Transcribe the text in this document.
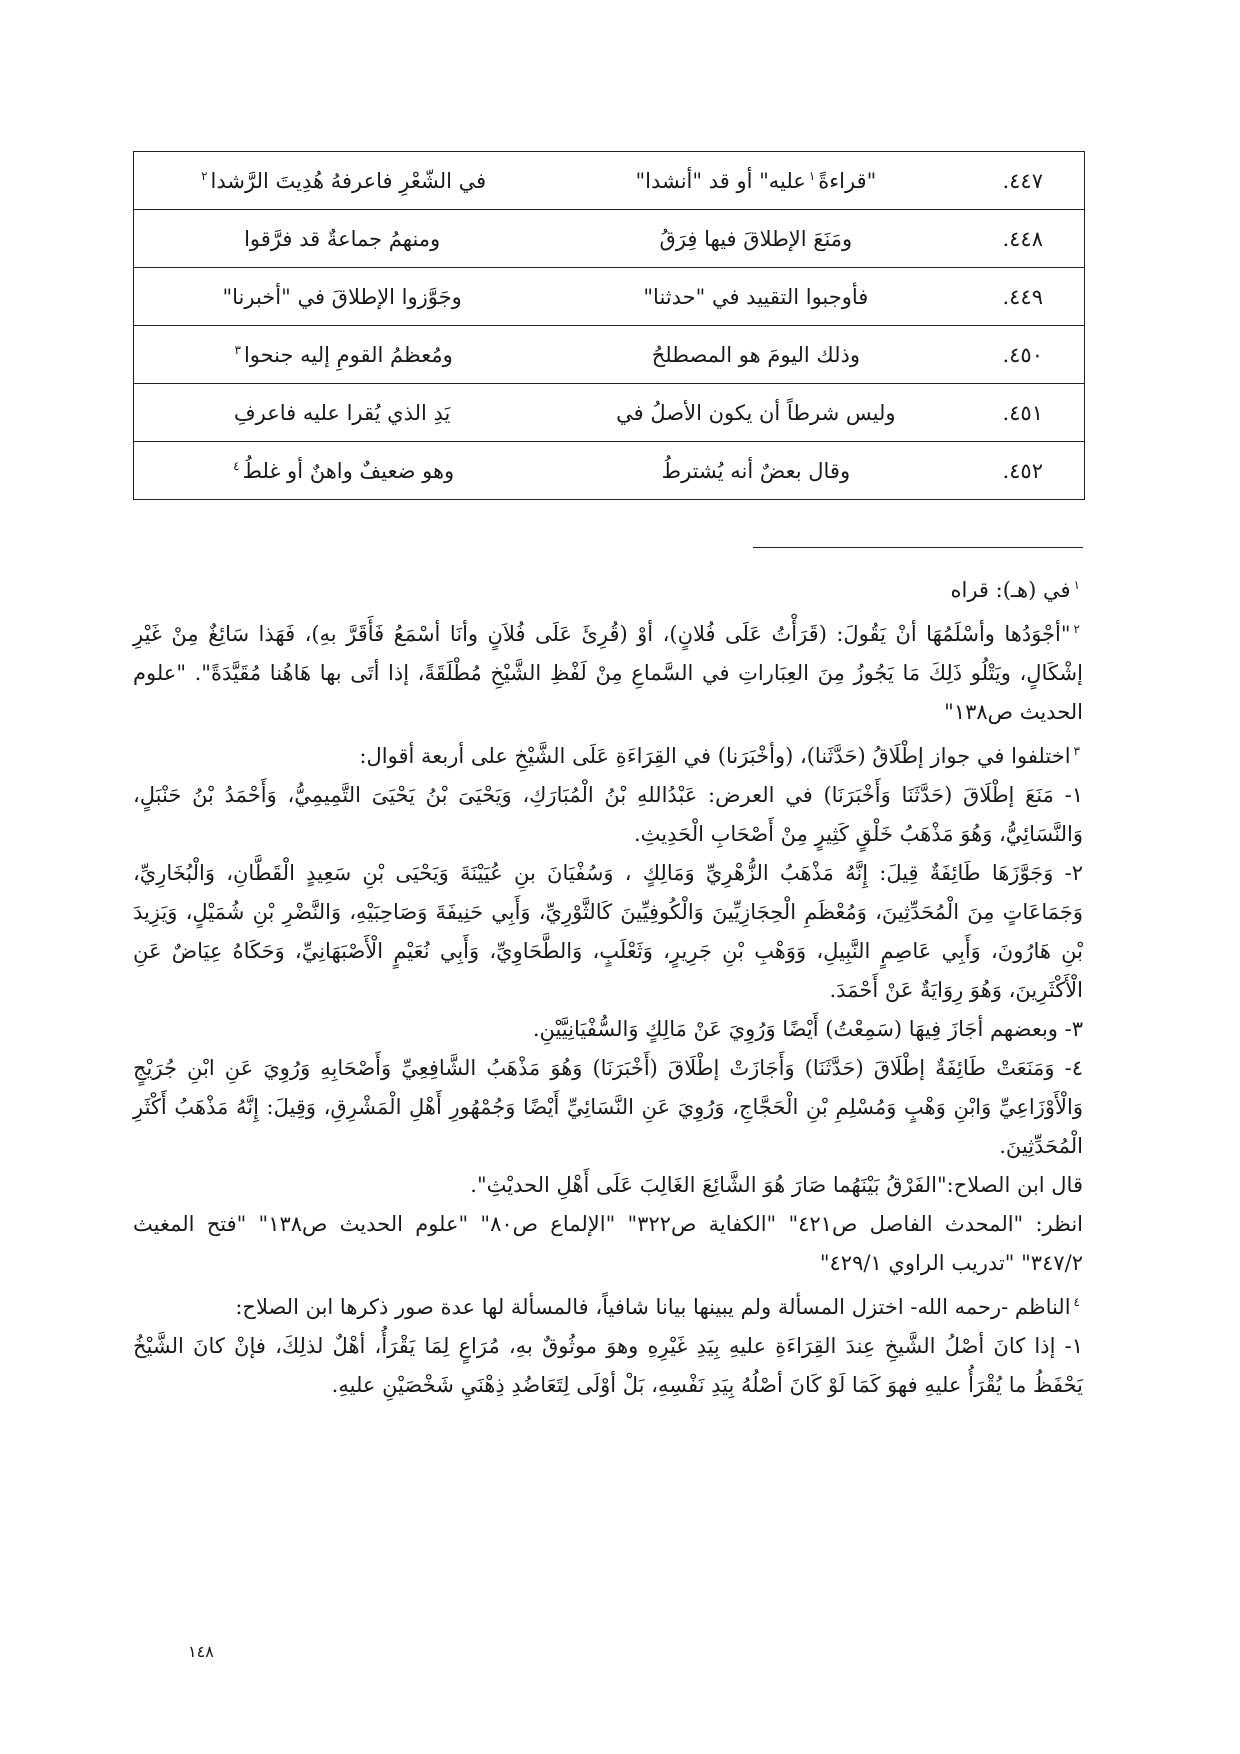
٤٤٧.	"قراءةً$^١$عليه" أو قد "أنشدا"	في الشّعْرِ فاعرفهُ هُدِيتَ الرَّشدا$^٢$
٤٤٨.	ومَنَعَ الإطلاقَ فيها فِرَقُ	ومنهمُ جماعةٌ قد فرَّقوا
٤٤٩.	فأوجبوا التقييد في "حدثنا"	وجَوَّزوا الإطلاقَ في "أخبرنا"
٤٥٠.	وذلك اليومَ هو المصطلحُ	ومُعظمُ القومِ إليه جنحوا$^٣$
٤٥١.	وليس شرطاً أن يكون الأصلُ في	يَدِ الذي يُقرا عليه فاعرفِ
٤٥٢.	وقال بعضٌ أنه يُشترطُ	وهو ضعيفٌ واهنٌ أو غلطُ$^٤$

$^١$في (هـ): قراه

$^٢$"أجْوَدُها وأسْلَمُهَا أنْ يَقُولَ: (قَرَأْتُ عَلَى فُلانٍ)، أوْ (قُرِئَ عَلَى فُلاَنٍ وأنَا أسْمَعُ فَأَقَرَّ بهِ)، فَهَذا سَائِغٌ مِنْ غَيْرِ إشْكَالٍ، ويَتْلُو ذَلِكَ مَا يَجُوزُ مِنَ العِبَاراتِ في السَّماعِ مِنْ لَفْظِ الشَّيْخِ مُطْلَقَةً، إذا أتَى بها هَاهُنا مُقَيَّدَةً". "علوم الحديث ص١٣٨"

$^٣$اختلفوا في جواز إطْلَاقُ (حَدَّثَنا)، (وأخْبَرَنا) في القِرَاءَةِ عَلَى الشَّيْخِ على أربعة أقوال:

١- مَنَعَ إطْلَاقَ (حَدَّثَنَا وَأَخْبَرَنَا) في العرض: عَبْدُاللهِ بْنُ الْمُبَارَكِ، وَيَحْيَىَ بْنُ يَحْيَىَ التَّمِيمِيُّ، وَأَحْمَدُ بْنُ حَنْبَلٍ، وَالنَّسَائِيُّ، وَهُوَ مَذْهَبُ خَلْقٍ كَثِيرٍ مِنْ أَصْحَابِ الْحَدِيثِ.

٢- وَجَوَّزَهَا طَائِفَةٌ قِيلَ: إِنَّهُ مَذْهَبُ الزُّهْرِيِّ وَمَالِكٍ ، وَسُفْيَانَ بنِ عُيَيْنَةَ وَيَحْيَى بْنِ سَعِيدٍ الْقَطَّانِ، وَالْبُخَارِيِّ، وَجَمَاعَاتٍ مِنَ الْمُحَدِّثِينَ، وَمُعْظَمِ الْحِجَازِيِّينَ وَالْكُوفِيِّينَ كَالثَّوْرِيِّ، وَأَبِي حَنِيفَةَ وَصَاحِبَيْهِ، وَالنَّضْرِ بْنِ شُمَيْلٍ، وَيَزِيدَ بْنِ هَارُونَ، وَأَبِي عَاصِمٍ النَّبِيلِ، وَوَهْبِ بْنِ جَرِيرٍ، وَثَعْلَبٍ، وَالطَّحَاوِيِّ، وَأَبِي نُعَيْمٍ الْأَصْبَهَانِيِّ، وَحَكَاهُ عِيَاضٌ عَنِ الْأَكْثَرِينَ، وَهُوَ رِوَايَةٌ عَنْ أَحْمَدَ.

٣- وبعضهم أجَازَ فِيهَا (سَمِعْتُ) أَيْضًا وَرُوِيَ عَنْ مَالِكٍ وَالسُّفْيَانِيَّيْنِ.

٤- وَمَنَعَتْ طَائِفَةٌ إطْلَاقَ (حَدَّثَنَا) وَأَجَازَتْ إطْلَاقَ (أَخْبَرَنَا) وَهُوَ مَذْهَبُ الشَّافِعِيِّ وَأَصْحَابِهِ وَرُوِيَ عَنِ ابْنِ جُرَيْجٍ وَالْأَوْزَاعِيِّ وَابْنِ وَهْبٍ وَمُسْلِمِ بْنِ الْحَجَّاجِ، وَرُوِيَ عَنِ النَّسَائِيِّ أَيْضًا وَجُمْهُورِ أَهْلِ الْمَشْرِقِ، وَقِيلَ: إِنَّهُ مَذْهَبُ أَكْثَرِ الْمُحَدِّثِينَ.

قال ابن الصلاح:"الفَرْقُ بَيْنَهُما صَارَ هُوَ الشَّائِعَ الغَالِبَ عَلَى أَهْلِ الحديْثِ".

انظر: "المحدث الفاصل ص٤٢١" "الكفاية ص٣٢٢" "الإلماع ص٨٠" "علوم الحديث ص١٣٨" "فتح المغيث ٣٤٧/٢" "تدريب الراوي ٤٢٩/١"

$^٤$الناظم -رحمه الله- اختزل المسألة ولم يبينها بيانا شافياً، فالمسألة لها عدة صور ذكرها ابن الصلاح:

١- إذا كانَ أصْلُ الشَّيخِ عِندَ القِرَاءَةِ عليهِ بِيَدِ غَيْرِهِ وهوَ موثُوقٌ بهِ، مُرَاعٍ لِمَا يَقْرَأُ، أهْلٌ لذلِكَ، فإنْ كانَ الشَّيْخُ يَحْفَظُ ما يُقْرَأُ عليهِ فهوَ كَمَا لَوْ كَانَ أصْلُهُ بِيَدِ نَفْسِهِ، بَلْ أوْلَى لِتَعَاضُدِ ذِهْنَيِ شَخْصَيْنِ عليهِ.

١٤٨
